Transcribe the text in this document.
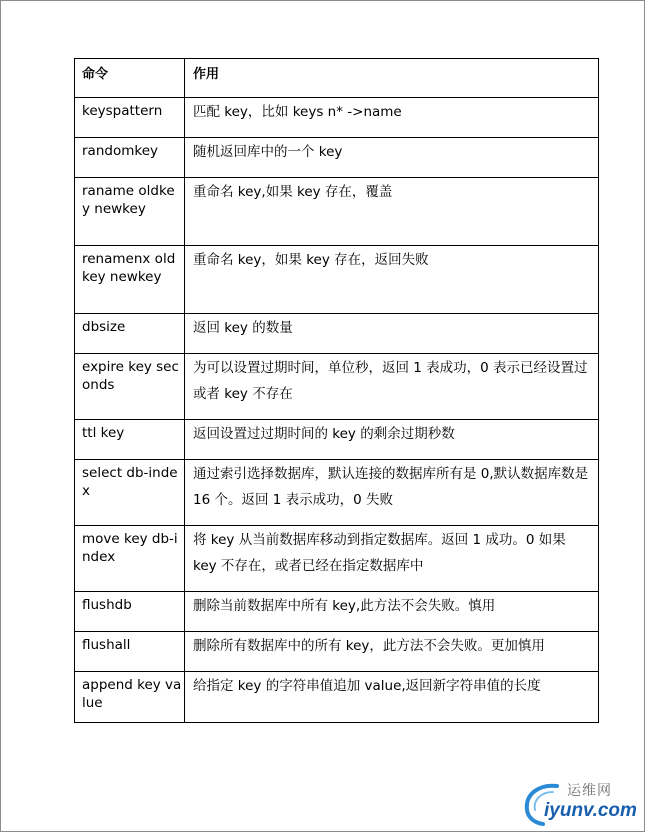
命令	作用

keyspattern	匹配 key，比如 keys n* ->name

randomkey	随机返回库中的一个 key

raname oldkey newkey	重命名 key,如果 key 存在，覆盖

renamenx oldkey newkey	重命名 key，如果 key 存在，返回失败

dbsize	返回 key 的数量

expire key seconds	为可以设置过期时间，单位秒，返回 1 表成功，0 表示已经设置过或者 key 不存在

ttl key	返回设置过过期时间的 key 的剩余过期秒数

select db-index	通过索引选择数据库，默认连接的数据库所有是 0,默认数据库数是 16 个。返回 1 表示成功，0 失败

move key db-index	将 key 从当前数据库移动到指定数据库。返回 1 成功。0 如果 key 不存在，或者已经在指定数据库中

flushdb	删除当前数据库中所有 key,此方法不会失败。慎用

flushall	删除所有数据库中的所有 key，此方法不会失败。更加慎用

append key value	给指定 key 的字符串值追加 value,返回新字符串值的长度
运维网
iyunv.com
